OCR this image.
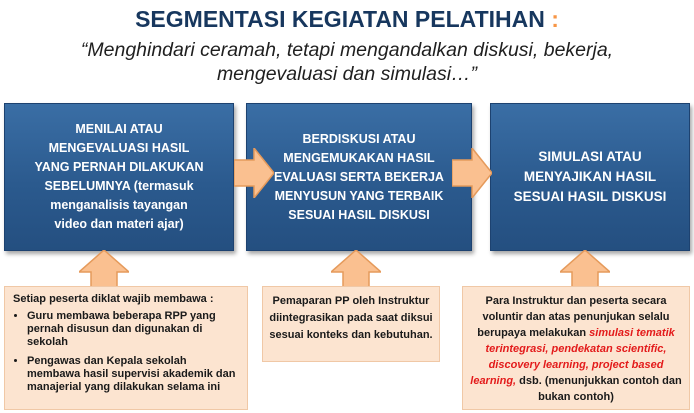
SEGMENTASI KEGIATAN PELATIHAN :
“Menghindari ceramah, tetapi mengandalkan diskusi, bekerja,
mengevaluasi dan simulasi…”
MENILAI ATAU
MENGEVALUASI HASIL
YANG PERNAH DILAKUKAN
SEBELUMNYA (termasuk
menganalisis tayangan
video dan materi ajar)
BERDISKUSI ATAU
MENGEMUKAKAN HASIL
EVALUASI SERTA BEKERJA
MENYUSUN YANG TERBAIK
SESUAI HASIL DISKUSI
SIMULASI ATAU
MENYAJIKAN HASIL
SESUAI HASIL DISKUSI
Setiap peserta diklat wajib membawa :
• Guru membawa beberapa RPP yang pernah disusun dan digunakan di sekolah
• Pengawas dan Kepala sekolah membawa hasil supervisi akademik dan manajerial yang dilakukan selama ini
Pemaparan PP oleh Instruktur diintegrasikan pada saat diksui sesuai konteks dan kebutuhan.
Para Instruktur dan peserta secara voluntir dan atas penunjukan selalu berupaya melakukan simulasi tematik terintegrasi, pendekatan scientific, discovery learning, project based learning, dsb. (menunjukkan contoh dan bukan contoh)
